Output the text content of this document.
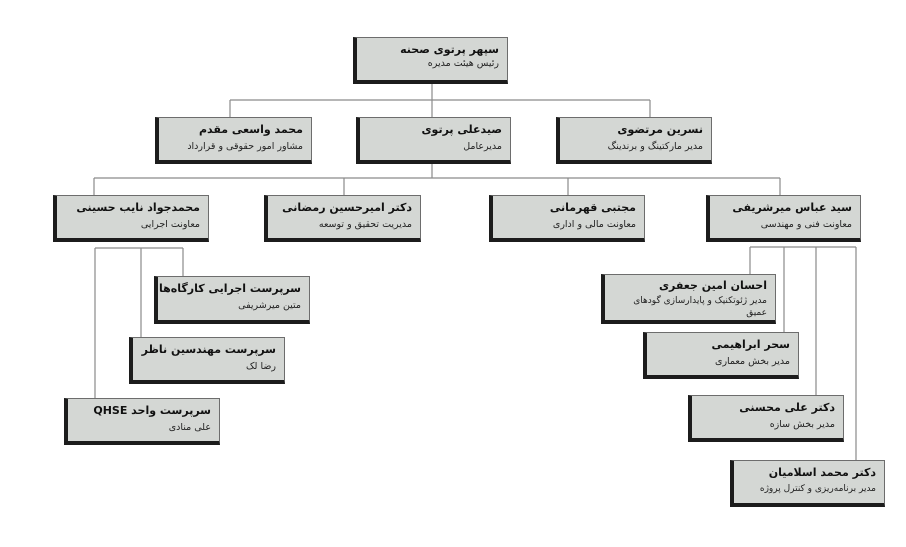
سپهر پرتوی صحنه
رئیس هیئت مدیره
صیدعلی پرتوی
مدیرعامل
محمد واسعی مقدم
مشاور امور حقوقی و قرارداد
نسرین مرتضوی
مدیر مارکتینگ و برندینگ
محمدجواد نایب حسینی
معاونت اجرایی
دکتر امیرحسین رمضانی
مدیریت تحقیق و توسعه
مجتبی قهرمانی
معاونت مالی و اداری
سید عباس میرشریفی
معاونت فنی و مهندسی
سرپرست اجرایی کارگاه‌ها
متین میرشریفی
سرپرست مهندسین ناظر
رضا لک
سرپرست واحد QHSE
علی منادی
احسان امین جعفری
مدیر ژئوتکنیک و پایدارسازی گودهای عمیق
سحر ابراهیمی
مدیر بخش معماری
دکتر علی محسنی
مدیر بخش سازه
دکتر محمد اسلامیان
مدیر برنامه‌ریزی و کنترل پروژه
